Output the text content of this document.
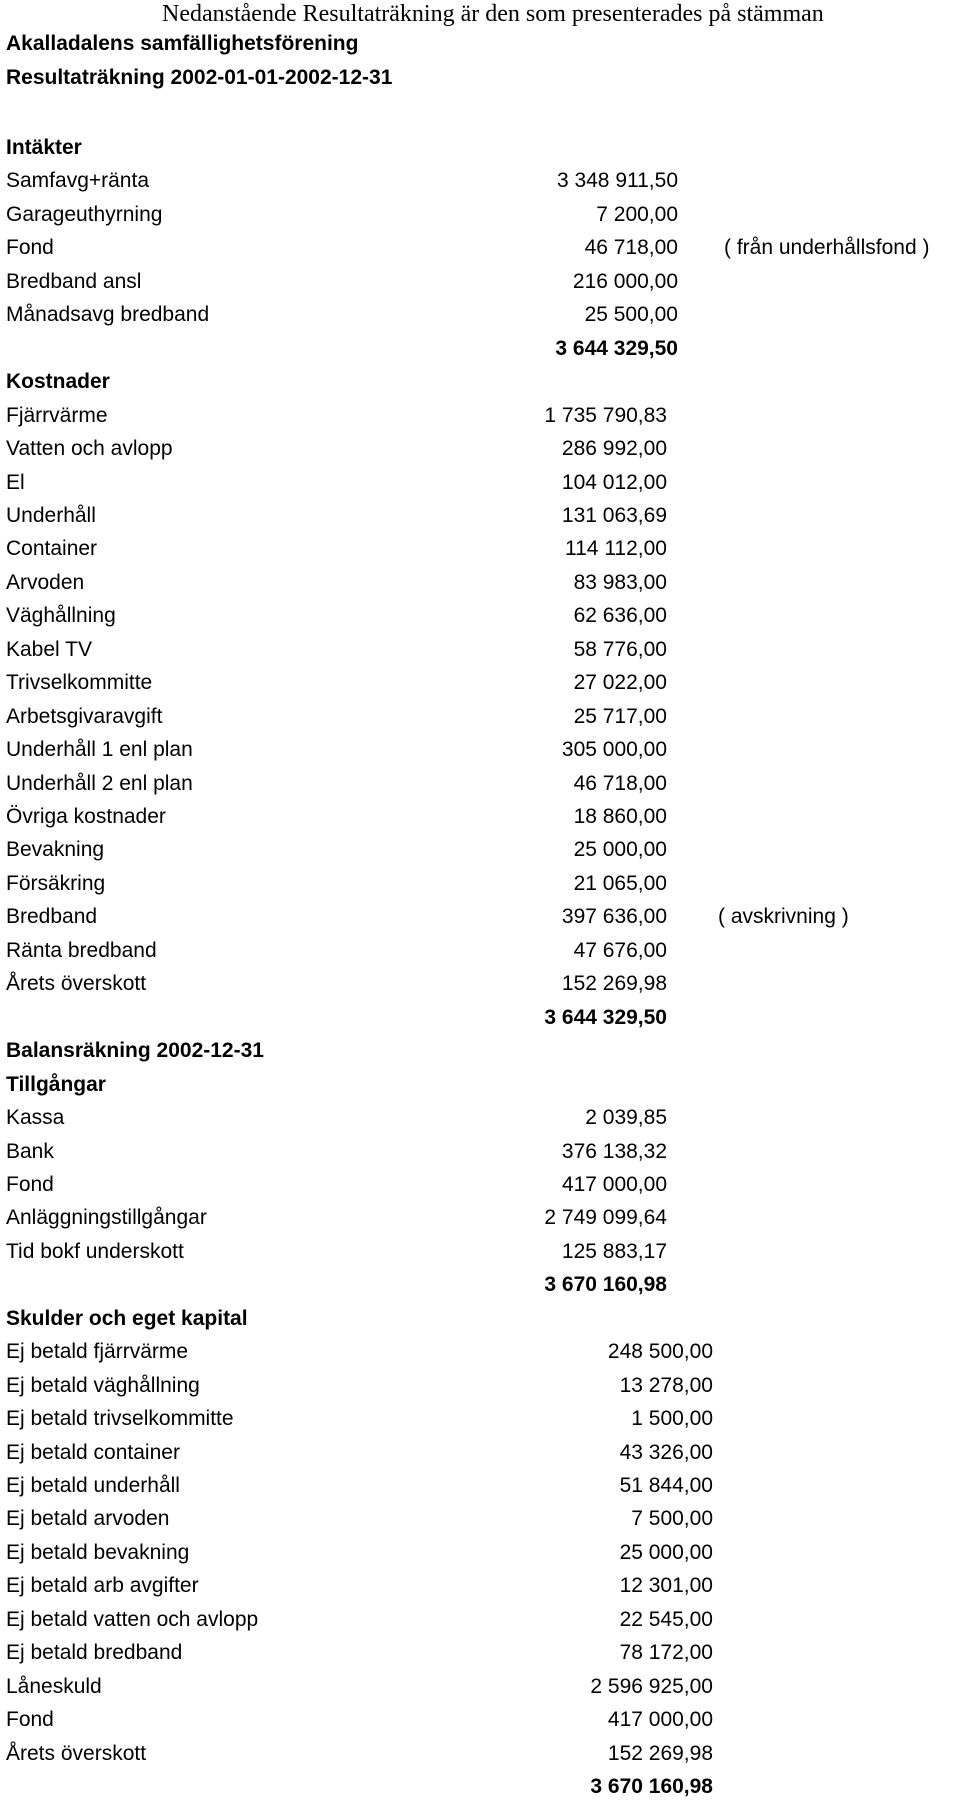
Nedanstående Resultaträkning är den som presenterades på stämman
Akalladalens samfällighetsförening
Resultaträkning 2002-01-01-2002-12-31
Intäkter
Samfavg+ränta	3 348 911,50
Garageuthyrning	7 200,00
Fond	46 718,00 ( från underhållsfond )
Bredband ansl	216 000,00
Månadsavg bredband	25 500,00
3 644 329,50
Kostnader
Fjärrvärme	1 735 790,83
Vatten och avlopp	286 992,00
El	104 012,00
Underhåll	131 063,69
Container	114 112,00
Arvoden	83 983,00
Väghållning	62 636,00
Kabel TV	58 776,00
Trivselkommitte	27 022,00
Arbetsgivaravgift	25 717,00
Underhåll 1 enl plan	305 000,00
Underhåll 2 enl plan	46 718,00
Övriga kostnader	18 860,00
Bevakning	25 000,00
Försäkring	21 065,00
Bredband	397 636,00 ( avskrivning )
Ränta bredband	47 676,00
Årets överskott	152 269,98
3 644 329,50
Balansräkning 2002-12-31
Tillgångar
Kassa	2 039,85
Bank	376 138,32
Fond	417 000,00
Anläggningstillgångar	2 749 099,64
Tid bokf underskott	125 883,17
3 670 160,98
Skulder och eget kapital
Ej betald fjärrvärme	248 500,00
Ej betald väghållning	13 278,00
Ej betald trivselkommitte	1 500,00
Ej betald container	43 326,00
Ej betald underhåll	51 844,00
Ej betald arvoden	7 500,00
Ej betald bevakning	25 000,00
Ej betald arb avgifter	12 301,00
Ej betald vatten och avlopp	22 545,00
Ej betald bredband	78 172,00
Låneskuld	2 596 925,00
Fond	417 000,00
Årets överskott	152 269,98
3 670 160,98
